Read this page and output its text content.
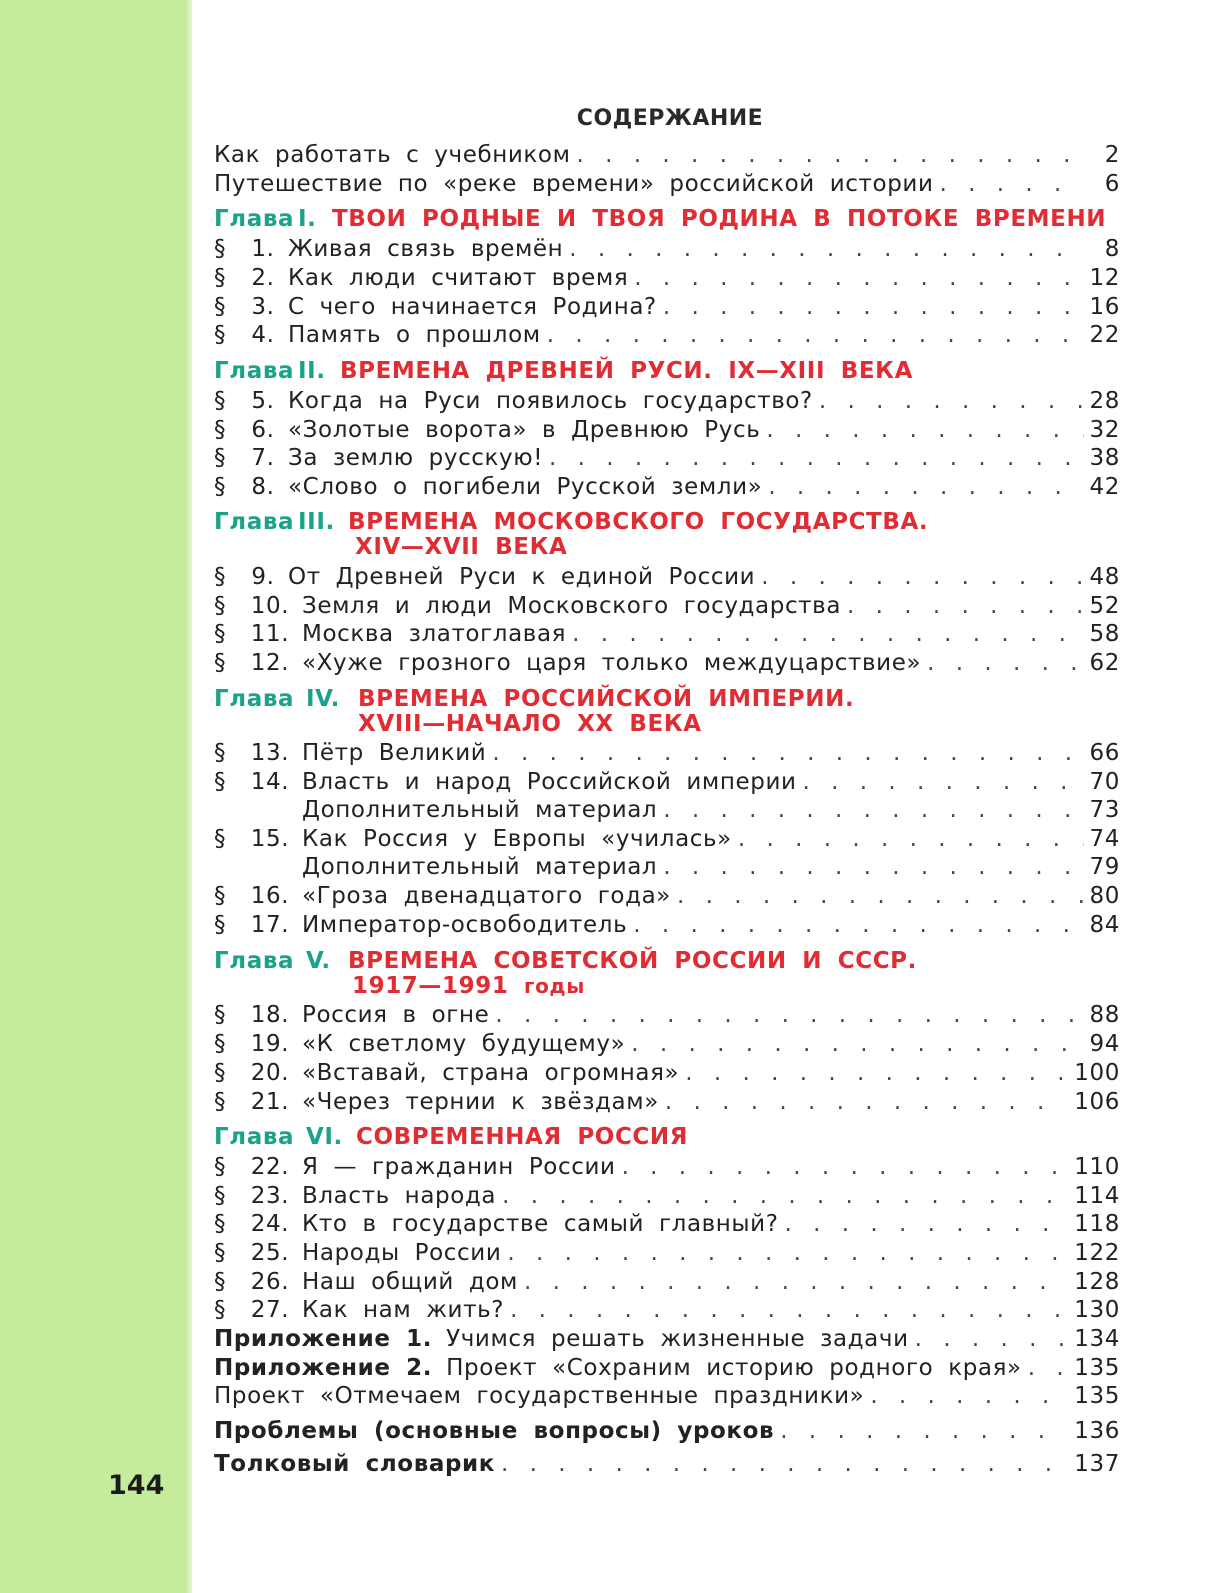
144
СОДЕРЖАНИЕ
Как работать с учебником . . .	2
Путешествие по «реке времени» российской истории . . .	6
Глава I. ТВОИ РОДНЫЕ И ТВОЯ РОДИНА В ПОТОКЕ ВРЕМЕНИ
§	1. Живая связь времён . . .	8
§	2. Как люди считают время . . .	12
§	3. С чего начинается Родина? . . .	16
§	4. Память о прошлом . . .	22
Глава II. ВРЕМЕНА ДРЕВНЕЙ РУСИ. IX—XIII ВЕКА
§	5. Когда на Руси появилось государство? . . .	28
§	6. «Золотые ворота» в Древнюю Русь . . .	32
§	7. За землю русскую! . . .	38
§	8. «Слово о погибели Русской земли» . . .	42
Глава III. ВРЕМЕНА МОСКОВСКОГО ГОСУДАРСТВА.
XIV—XVII ВЕКА
§	9. От Древней Руси к единой России . . .	48
§	10. Земля и люди Московского государства . . .	52
§	11. Москва златоглавая . . .	58
§	12. «Хуже грозного царя только междуцарствие» . . .	62
Глава IV. ВРЕМЕНА РОССИЙСКОЙ ИМПЕРИИ.
XVIII—НАЧАЛО XX ВЕКА
§	13. Пётр Великий . . .	66
§	14. Власть и народ Российской империи . . .	70
Дополнительный материал . . .	73
§	15. Как Россия у Европы «училась» . . .	74
Дополнительный материал . . .	79
§	16. «Гроза двенадцатого года» . . .	80
§	17. Император-освободитель . . .	84
Глава V. ВРЕМЕНА СОВЕТСКОЙ РОССИИ И СССР.
1917—1991 годы
§	18. Россия в огне . . .	88
§	19. «К светлому будущему» . . .	94
§	20. «Вставай, страна огромная» . . .	100
§	21. «Через тернии к звёздам» . . .	106
Глава VI. СОВРЕМЕННАЯ РОССИЯ
§	22. Я — гражданин России . . .	110
§	23. Власть народа . . .	114
§	24. Кто в государстве самый главный? . . .	118
§	25. Народы России . . .	122
§	26. Наш общий дом . . .	128
§	27. Как нам жить? . . .	130
Приложение 1. Учимся решать жизненные задачи . . .	134
Приложение 2. Проект «Сохраним историю родного края» . . . 135
Проект «Отмечаем государственные праздники» . . .	135
Проблемы (основные вопросы) уроков . . .	136
Толковый словарик . . .	137
